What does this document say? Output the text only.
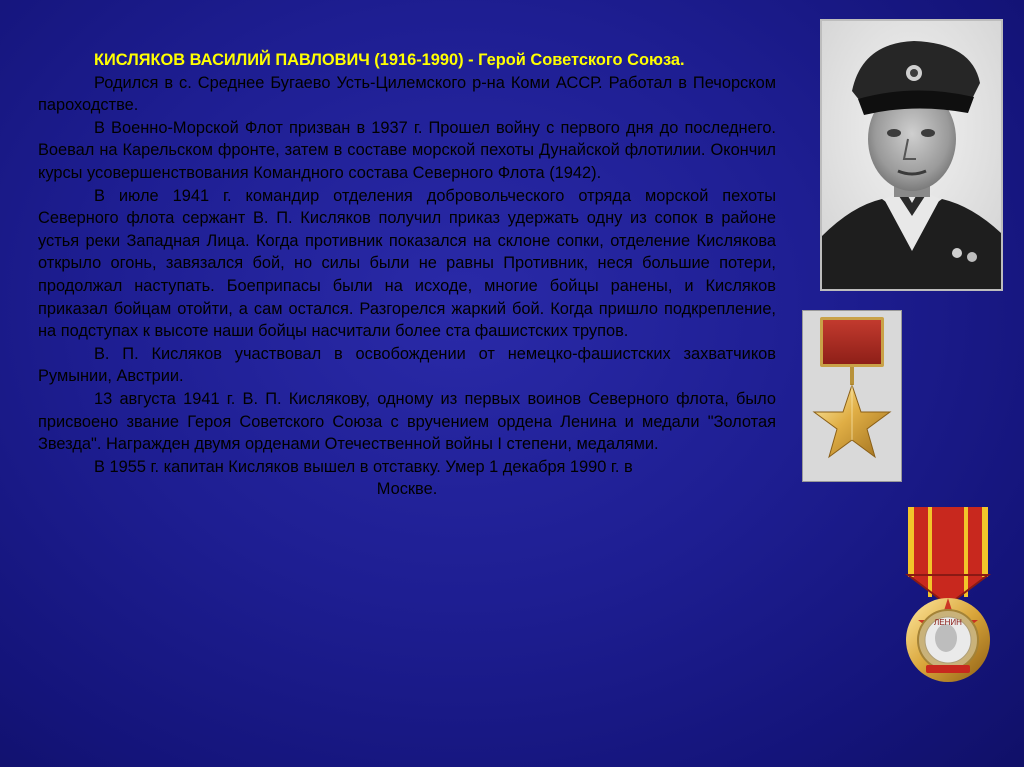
КИСЛЯКОВ ВАСИЛИЙ ПАВЛОВИЧ (1916-1990) - Герой Советского Союза.

Родился в с. Среднее Бугаево Усть-Цилемского р-на Коми АССР. Работал в Печорском пароходстве.

В Военно-Морской Флот призван в 1937 г. Прошел войну с первого дня до последнего. Воевал на Карельском фронте, затем в составе морской пехоты Дунайской флотилии. Окончил курсы усовершенствования Командного состава Северного Флота (1942).

В июле 1941 г. командир отделения добровольческого отряда морской пехоты Северного флота сержант В. П. Кисляков получил приказ удержать одну из сопок в районе устья реки Западная Лица. Когда противник показался на склоне сопки, отделение Кислякова открыло огонь, завязался бой, но силы были не равны Противник, неся большие потери, продолжал наступать. Боеприпасы были на исходе, многие бойцы ранены, и Кисляков приказал бойцам отойти, а сам остался. Разгорелся жаркий бой. Когда пришло подкрепление, на подступах к высоте наши бойцы насчитали более ста фашистских трупов.

В. П. Кисляков участвовал в освобождении от немецко-фашистских захватчиков Румынии, Австрии.

13 августа 1941 г. В. П. Кислякову, одному из первых воинов Северного флота, было присвоено звание Героя Советского Союза с вручением ордена Ленина и медали "Золотая Звезда". Награжден двумя орденами Отечественной войны I степени, медалями.

В 1955 г. капитан Кисляков вышел в отставку. Умер 1 декабря 1990 г. в

Москве.

ЛЕНИН
